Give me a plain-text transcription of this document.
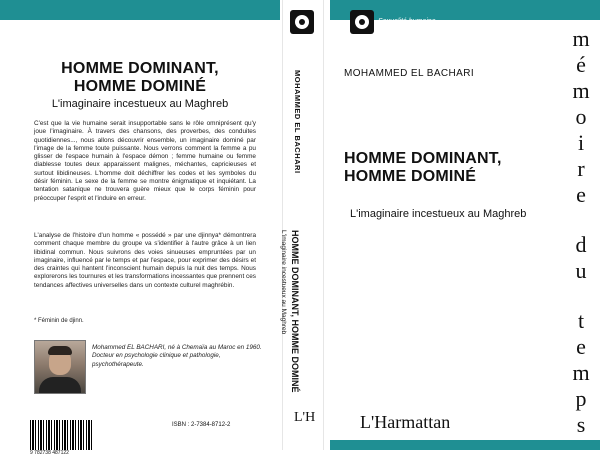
HOMME DOMINANT,
HOMME DOMINÉ
L'imaginaire incestueux au Maghreb
C'est que la vie humaine serait insupportable sans le rôle omniprésent qu'y joue l'imaginaire. À travers des chansons, des proverbes, des conduites quotidiennes..., nous allons découvrir ensemble, un imaginaire dominé par l'image de la femme toute puissante. Nous verrons comment la femme a pu glisser de l'espace humain à l'espace démon ; femme humaine ou femme diablesse toutes deux apparaissent malignes, méchantes, capricieuses et surtout libidineuses. L'homme doit déchiffrer les codes et les symboles du désir féminin. Le sexe de la femme se montre énigmatique et inquiétant. La tentation satanique ne trouvera guère mieux que le corps féminin pour préoccuper l'esprit et l'induire en erreur.
L'analyse de l'histoire d'un homme « possédé » par une djinnya* démontrera comment chaque membre du groupe va s'identifier à l'autre grâce à un lien libidinal commun. Nous suivrons des voies sinueuses empruntées par un imaginaire, influencé par le temps et par l'espace, pour exprimer des désirs et des craintes qui hantent l'inconscient humain depuis la nuit des temps. Nous explorerons les tournures et les transformations incessantes que prennent ces tendances affectives universelles dans un contexte culturel maghrébin.
* Féminin de djinn.
Mohammed EL BACHARI, né à Chemaïa au Maroc en 1960. Docteur en psychologie clinique et pathologie, psychothérapeute.
9 782738 487122
ISBN : 2-7384-8712-2
MOHAMMED EL BACHARI
HOMME DOMINANT, HOMME DOMINÉ
L'imaginaire incestueux au Maghreb
L'H
Sexualité humaine
MOHAMMED EL BACHARI
HOMME DOMINANT,
HOMME DOMINÉ
L'imaginaire incestueux au Maghreb
L'Harmattan
m
é
m
o
i
r
e
d
u
t
e
m
p
s
